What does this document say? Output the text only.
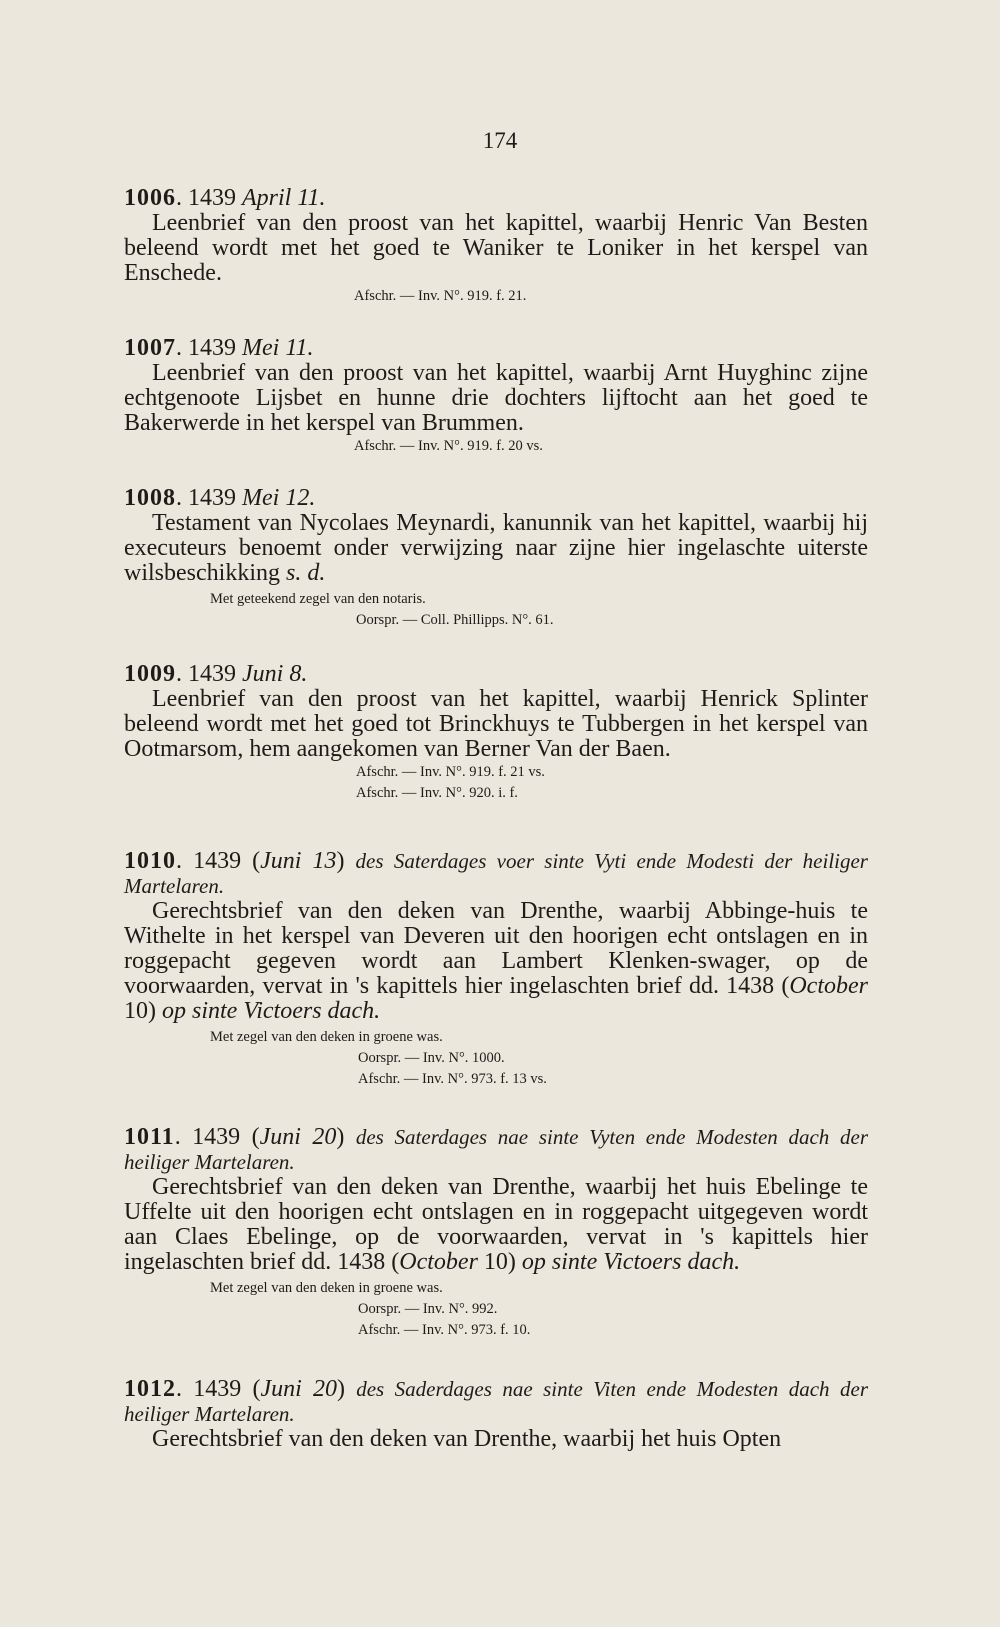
174

1006. 1439 April 11.

Leenbrief van den proost van het kapittel, waarbij Henric Van Besten beleend wordt met het goed te Waniker te Loniker in het kerspel van Enschede.

Afschr. — Inv. N°. 919. f. 21.

1007. 1439 Mei 11.

Leenbrief van den proost van het kapittel, waarbij Arnt Huyghinc zijne echtgenoote Lijsbet en hunne drie dochters lijftocht aan het goed te Bakerwerde in het kerspel van Brummen.

Afschr. — Inv. N°. 919. f. 20 vs.

1008. 1439 Mei 12.

Testament van Nycolaes Meynardi, kanunnik van het kapittel, waarbij hij executeurs benoemt onder verwijzing naar zijne hier ingelaschte uiterste wilsbeschikking s. d.

Met geteekend zegel van den notaris.

Oorspr. — Coll. Phillipps. N°. 61.

1009. 1439 Juni 8.

Leenbrief van den proost van het kapittel, waarbij Henrick Splinter beleend wordt met het goed tot Brinckhuys te Tubbergen in het kerspel van Ootmarsom, hem aangekomen van Berner Van der Baen.

Afschr. — Inv. N°. 919. f. 21 vs.

Afschr. — Inv. N°. 920. i. f.

1010. 1439 (Juni 13) des Saterdages voer sinte Vyti ende Modesti der heiliger Martelaren.

Gerechtsbrief van den deken van Drenthe, waarbij Abbinge-huis te Withelte in het kerspel van Deveren uit den hoorigen echt ontslagen en in roggepacht gegeven wordt aan Lambert Klenken-swager, op de voorwaarden, vervat in 's kapittels hier ingelaschten brief dd. 1438 (October 10) op sinte Victoers dach.

Met zegel van den deken in groene was.

Oorspr. — Inv. N°. 1000.

Afschr. — Inv. N°. 973. f. 13 vs.

1011. 1439 (Juni 20) des Saterdages nae sinte Vyten ende Modesten dach der heiliger Martelaren.

Gerechtsbrief van den deken van Drenthe, waarbij het huis Ebelinge te Uffelte uit den hoorigen echt ontslagen en in roggepacht uitgegeven wordt aan Claes Ebelinge, op de voorwaarden, vervat in 's kapittels hier ingelaschten brief dd. 1438 (October 10) op sinte Victoers dach.

Met zegel van den deken in groene was.

Oorspr. — Inv. N°. 992.

Afschr. — Inv. N°. 973. f. 10.

1012. 1439 (Juni 20) des Saderdages nae sinte Viten ende Modesten dach der heiliger Martelaren.

Gerechtsbrief van den deken van Drenthe, waarbij het huis Opten
